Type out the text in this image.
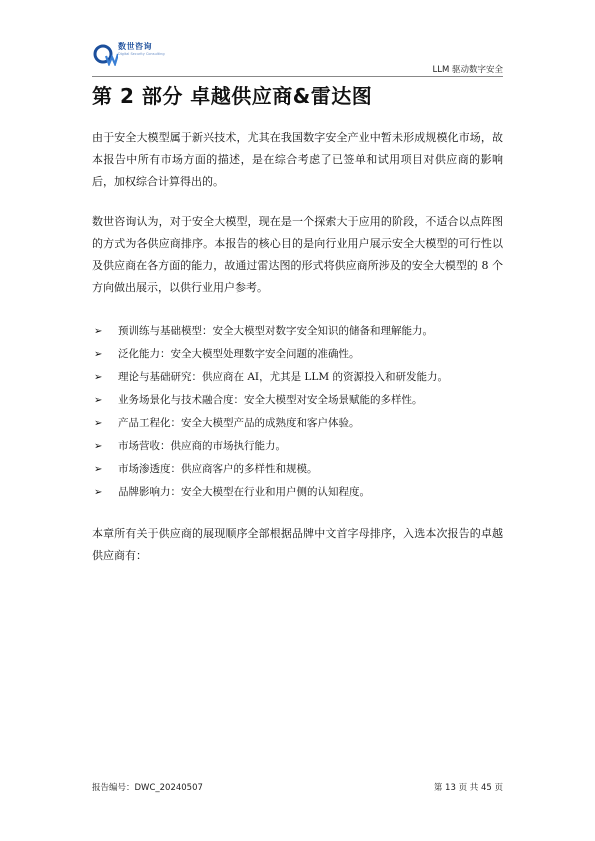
数世咨询
Digital Security Consulting
LLM 驱动数字安全
第 2 部分 卓越供应商&雷达图

由于安全大模型属于新兴技术，尤其在我国数字安全产业中暂未形成规模化市场，故本报告中所有市场方面的描述，是在综合考虑了已签单和试用项目对供应商的影响后，加权综合计算得出的。

数世咨询认为，对于安全大模型，现在是一个探索大于应用的阶段，不适合以点阵图的方式为各供应商排序。本报告的核心目的是向行业用户展示安全大模型的可行性以及供应商在各方面的能力，故通过雷达图的形式将供应商所涉及的安全大模型的 8 个方向做出展示，以供行业用户参考。

➢ 预训练与基础模型：安全大模型对数字安全知识的储备和理解能力。
➢ 泛化能力：安全大模型处理数字安全问题的准确性。
➢ 理论与基础研究：供应商在 AI，尤其是 LLM 的资源投入和研发能力。
➢ 业务场景化与技术融合度：安全大模型对安全场景赋能的多样性。
➢ 产品工程化：安全大模型产品的成熟度和客户体验。
➢ 市场营收：供应商的市场执行能力。
➢ 市场渗透度：供应商客户的多样性和规模。
➢ 品牌影响力：安全大模型在行业和用户侧的认知程度。

本章所有关于供应商的展现顺序全部根据品牌中文首字母排序，入选本次报告的卓越供应商有：

报告编号：DWC_20240507	第 13 页 共 45 页
